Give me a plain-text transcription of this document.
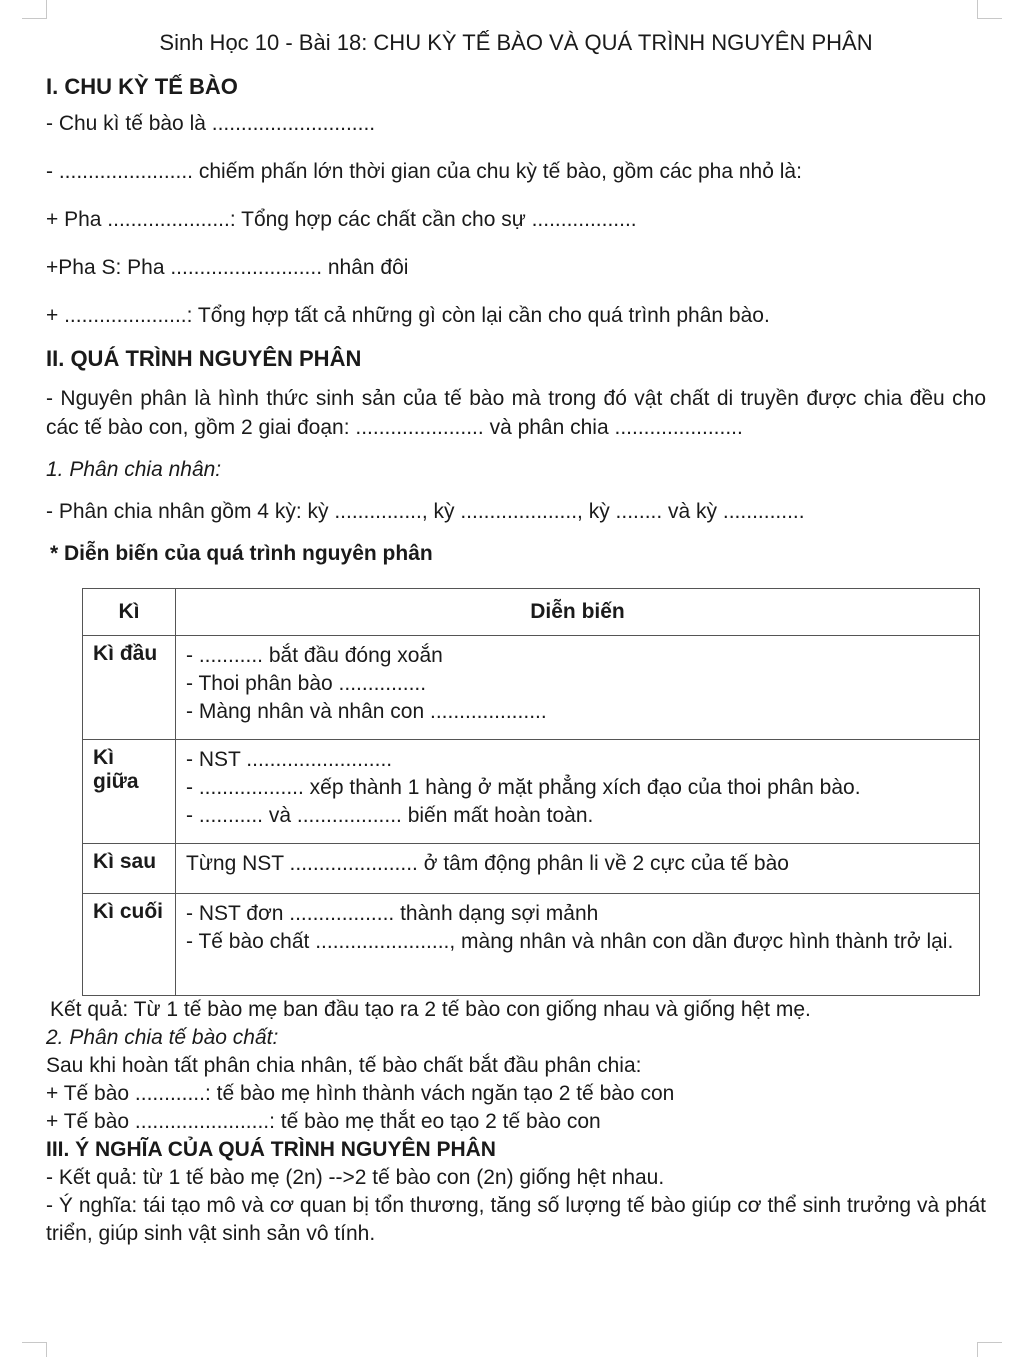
Sinh Học 10 - Bài 18: CHU KỲ TẾ BÀO VÀ QUÁ TRÌNH NGUYÊN PHÂN
I. CHU KỲ TẾ BÀO
- Chu kì tế bào là ............................
- ....................... chiếm phấn lớn thời gian của chu kỳ tế bào, gồm các pha nhỏ là:
+ Pha .....................: Tổng hợp các chất cần cho sự ..................
+Pha S: Pha .......................... nhân đôi
+ .....................: Tổng hợp tất cả những gì còn lại cần cho quá trình phân bào.
II. QUÁ TRÌNH NGUYÊN PHÂN
- Nguyên phân là hình thức sinh sản của tế bào mà trong đó vật chất di truyền được chia đều cho các tế bào con, gồm 2 giai đoạn: ...................... và phân chia ......................
1. Phân chia nhân:
- Phân chia nhân gồm 4 kỳ: kỳ ..............., kỳ ...................., kỳ ........ và kỳ ..............
* Diễn biến của quá trình nguyên phân
Kì	Diễn biến
Kì đầu	- ........... bắt đầu đóng xoắn
- Thoi phân bào ...............
- Màng nhân và nhân con ....................

Kì giữa	- NST .........................
- .................. xếp thành 1 hàng ở mặt phẳng xích đạo của thoi phân bào.
- ........... và .................. biến mất hoàn toàn.

Kì sau	Từng NST ...................... ở tâm động phân li về 2 cực của tế bào

Kì cuối	- NST đơn .................. thành dạng sợi mảnh
- Tế bào chất ......................., màng nhân và nhân con dần được hình thành trở lại.
Kết quả: Từ 1 tế bào mẹ ban đầu tạo ra 2 tế bào con giống nhau và giống hệt mẹ.
2. Phân chia tế bào chất:
Sau khi hoàn tất phân chia nhân, tế bào chất bắt đầu phân chia:
+ Tế bào ............: tế bào mẹ hình thành vách ngăn tạo 2 tế bào con
+ Tế bào .......................: tế bào mẹ thắt eo tạo 2 tế bào con
III. Ý NGHĨA CỦA QUÁ TRÌNH NGUYÊN PHÂN
- Kết quả: từ 1 tế bào mẹ (2n) -->2 tế bào con (2n) giống hệt nhau.
- Ý nghĩa: tái tạo mô và cơ quan bị tổn thương, tăng số lượng tế bào giúp cơ thể sinh trưởng và phát triển, giúp sinh vật sinh sản vô tính.
